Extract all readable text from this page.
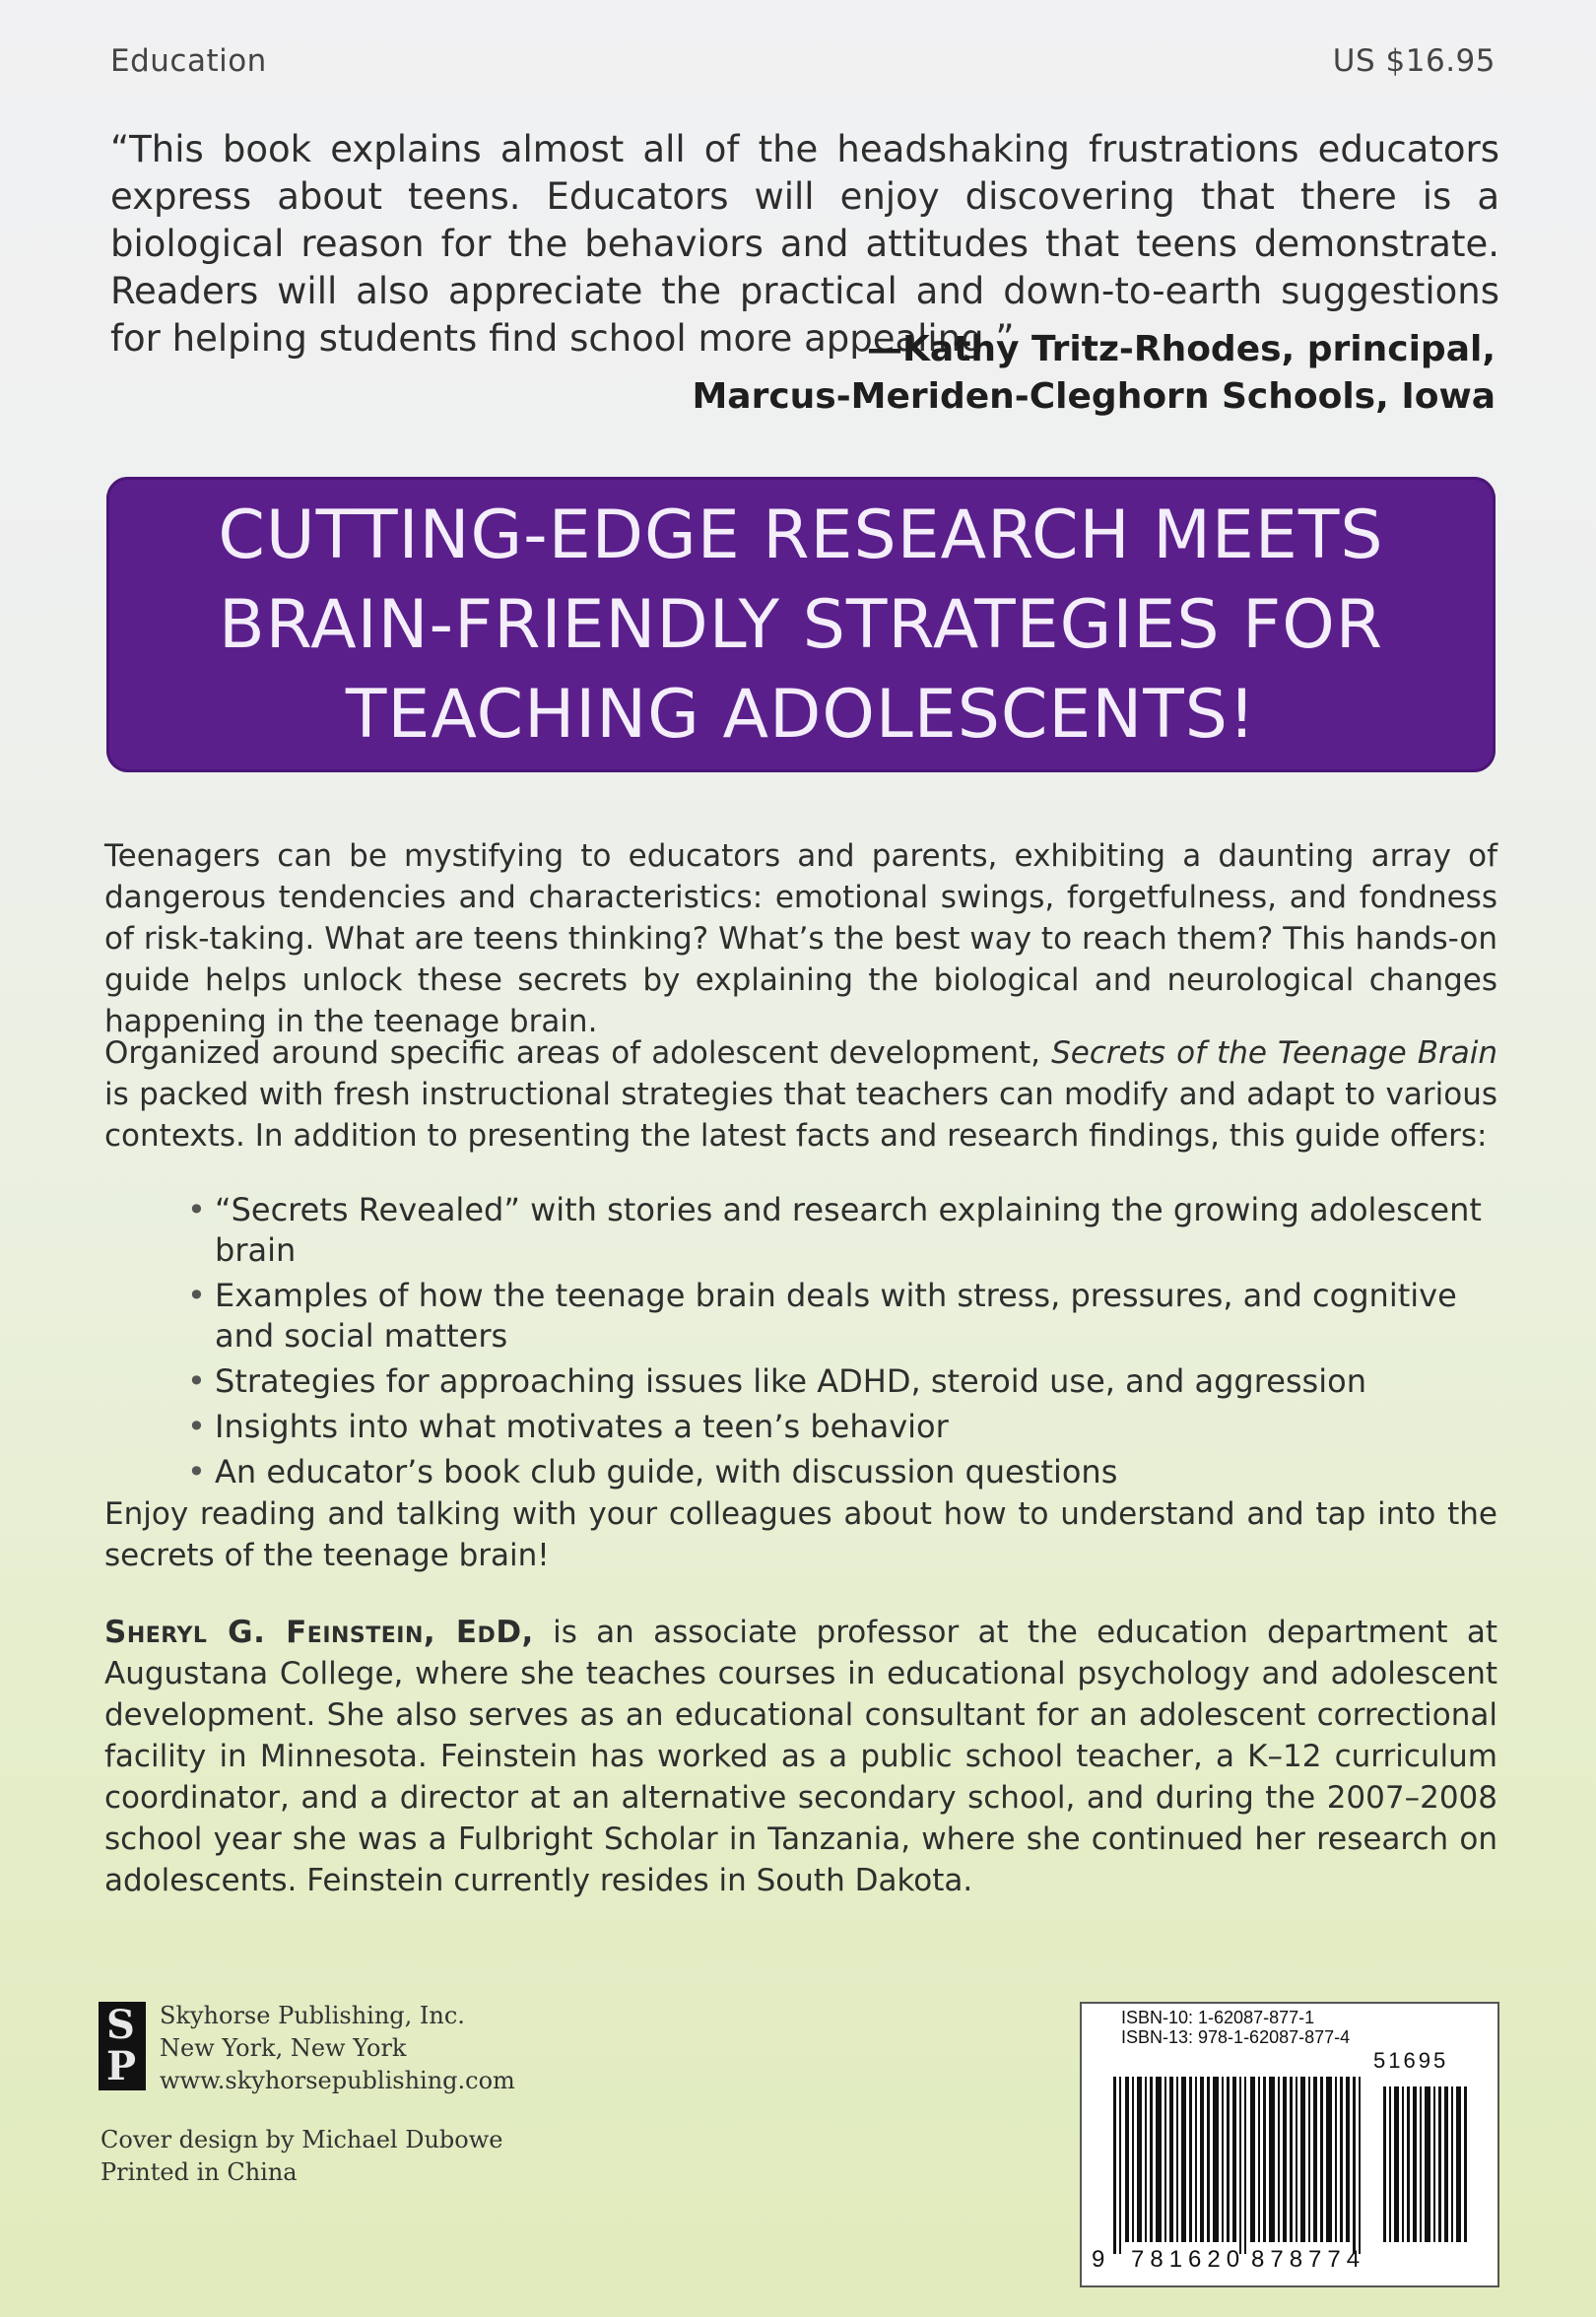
Education	US $16.95
“This book explains almost all of the headshaking frustrations educators express about teens. Educators will enjoy discovering that there is a biological reason for the behaviors and attitudes that teens demonstrate. Readers will also appreciate the practical and down-to-earth suggestions for helping students find school more appealing.”
—Kathy Tritz-Rhodes, principal,
Marcus-Meriden-Cleghorn Schools, Iowa
CUTTING-EDGE RESEARCH MEETS
BRAIN-FRIENDLY STRATEGIES FOR
TEACHING ADOLESCENTS!
Teenagers can be mystifying to educators and parents, exhibiting a daunting array of dangerous tendencies and characteristics: emotional swings, forgetfulness, and fondness of risk-taking. What are teens thinking? What’s the best way to reach them? This hands-on guide helps unlock these secrets by explaining the biological and neurological changes happening in the teenage brain.
Organized around specific areas of adolescent development, Secrets of the Teenage Brain is packed with fresh instructional strategies that teachers can modify and adapt to various contexts. In addition to presenting the latest facts and research findings, this guide offers:
• “Secrets Revealed” with stories and research explaining the growing adolescent brain
• Examples of how the teenage brain deals with stress, pressures, and cognitive and social matters
• Strategies for approaching issues like ADHD, steroid use, and aggression
• Insights into what motivates a teen’s behavior
• An educator’s book club guide, with discussion questions
Enjoy reading and talking with your colleagues about how to understand and tap into the secrets of the teenage brain!
Sheryl G. Feinstein, EdD, is an associate professor at the education department at Augustana College, where she teaches courses in educational psychology and adolescent development. She also serves as an educational consultant for an adolescent correctional facility in Minnesota. Feinstein has worked as a public school teacher, a K–12 curriculum coordinator, and a director at an alternative secondary school, and during the 2007–2008 school year she was a Fulbright Scholar in Tanzania, where she continued her research on adolescents. Feinstein currently resides in South Dakota.
S
P
Skyhorse Publishing, Inc.
New York, New York
www.skyhorsepublishing.com
Cover design by Michael Dubowe
Printed in China
ISBN-10: 1-62087-877-1
ISBN-13: 978-1-62087-877-4
51695
9 781620 878774
